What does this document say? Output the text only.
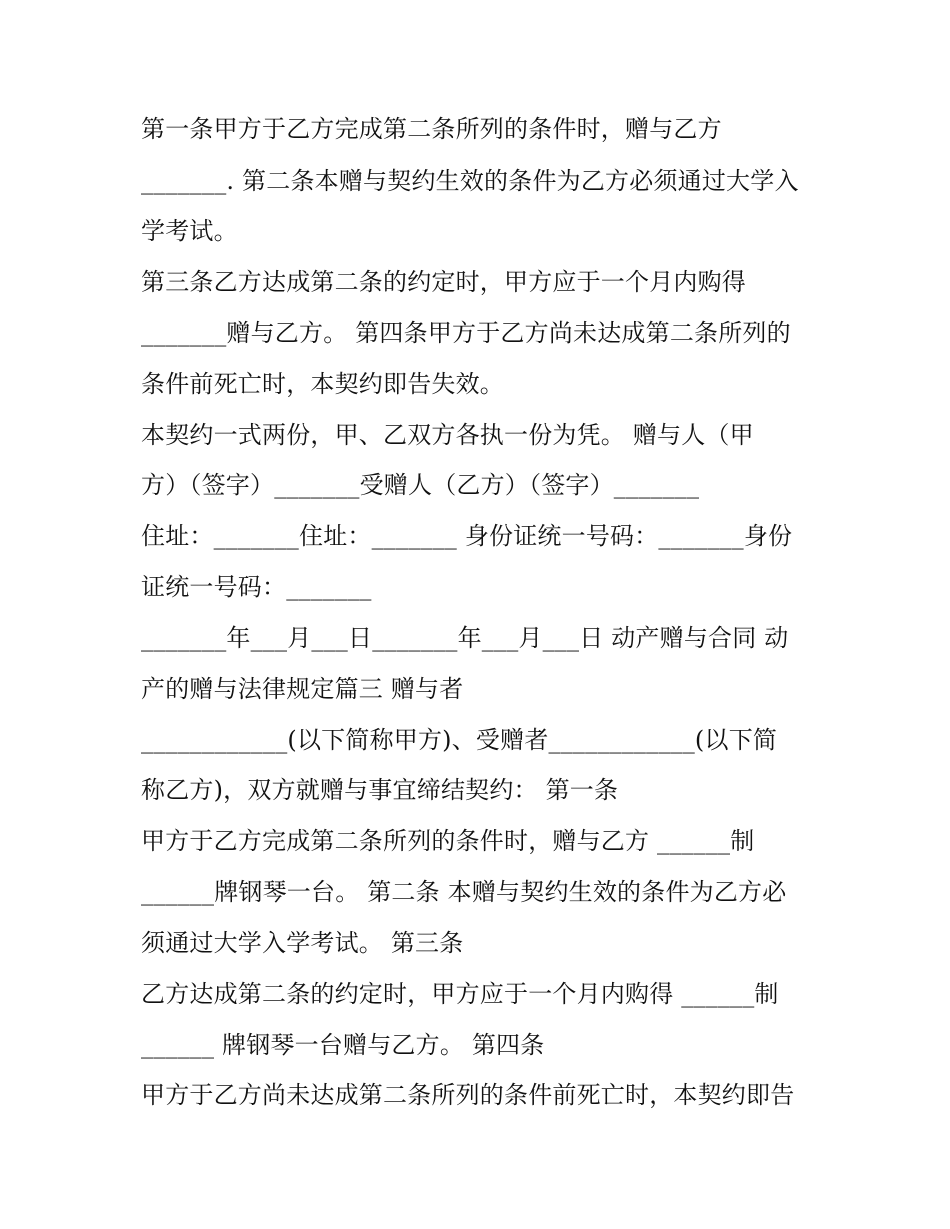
第一条甲方于乙方完成第二条所列的条件时，赠与乙方
_______. 第二条本赠与契约生效的条件为乙方必须通过大学入
学考试。
第三条乙方达成第二条的约定时，甲方应于一个月内购得
_______赠与乙方。 第四条甲方于乙方尚未达成第二条所列的
条件前死亡时，本契约即告失效。
本契约一式两份，甲、乙双方各执一份为凭。 赠与人（甲
方）（签字）_______受赠人（乙方）（签字）_______
住址：_______住址：_______ 身份证统一号码：_______身份
证统一号码：_______
_______年___月___日_______年___月___日 动产赠与合同 动
产的赠与法律规定篇三 赠与者
____________(以下简称甲方)、受赠者____________(以下简
称乙方)，双方就赠与事宜缔结契约： 第一条
甲方于乙方完成第二条所列的条件时，赠与乙方 ______制
______牌钢琴一台。 第二条 本赠与契约生效的条件为乙方必
须通过大学入学考试。 第三条
乙方达成第二条的约定时，甲方应于一个月内购得 ______制
______ 牌钢琴一台赠与乙方。 第四条
甲方于乙方尚未达成第二条所列的条件前死亡时，本契约即告
